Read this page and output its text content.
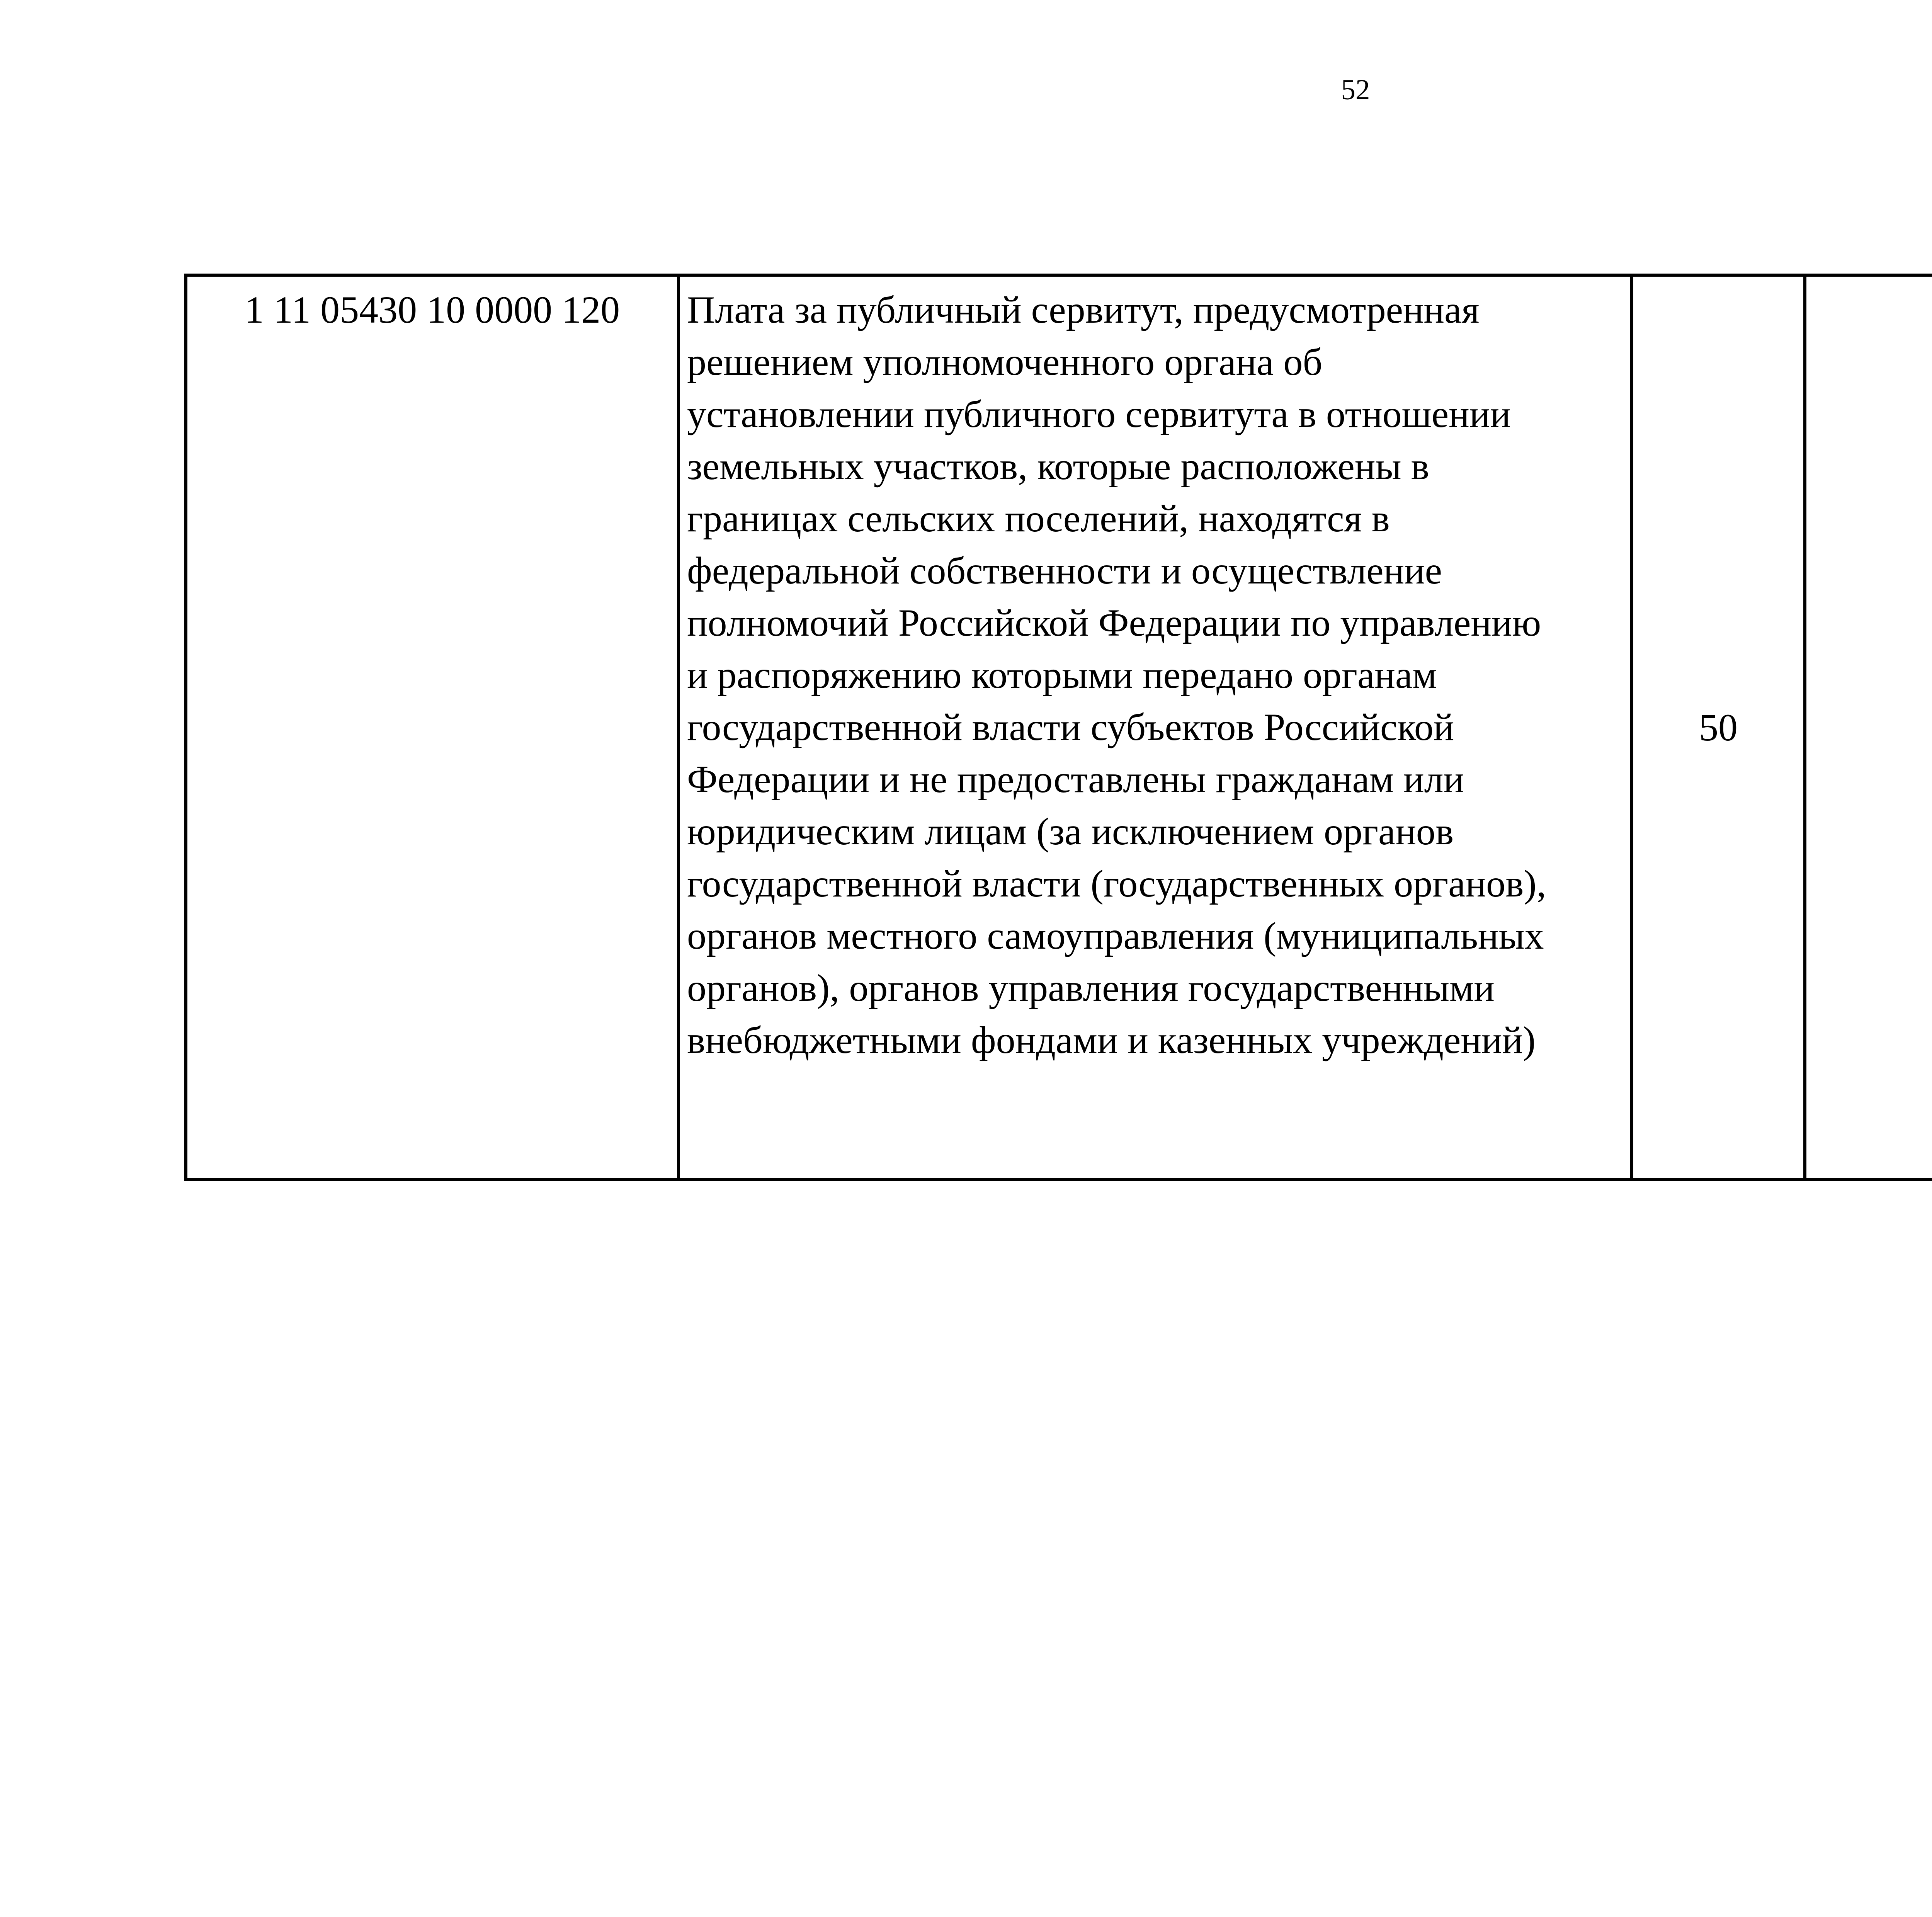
52
1 11 05430 10 0000 120	Плата за публичный сервитут, предусмотренная
решением уполномоченного органа об
установлении публичного сервитута в отношении
земельных участков, которые расположены в
границах сельских поселений, находятся в
федеральной собственности и осуществление
полномочий Российской Федерации по управлению
и распоряжению которыми передано органам
государственной власти субъектов Российской
Федерации и не предоставлены гражданам или
юридическим лицам (за исключением органов
государственной власти (государственных органов),
органов местного самоуправления (муниципальных
органов), органов управления государственными
внебюджетными фондами и казенных учреждений)
	50				
